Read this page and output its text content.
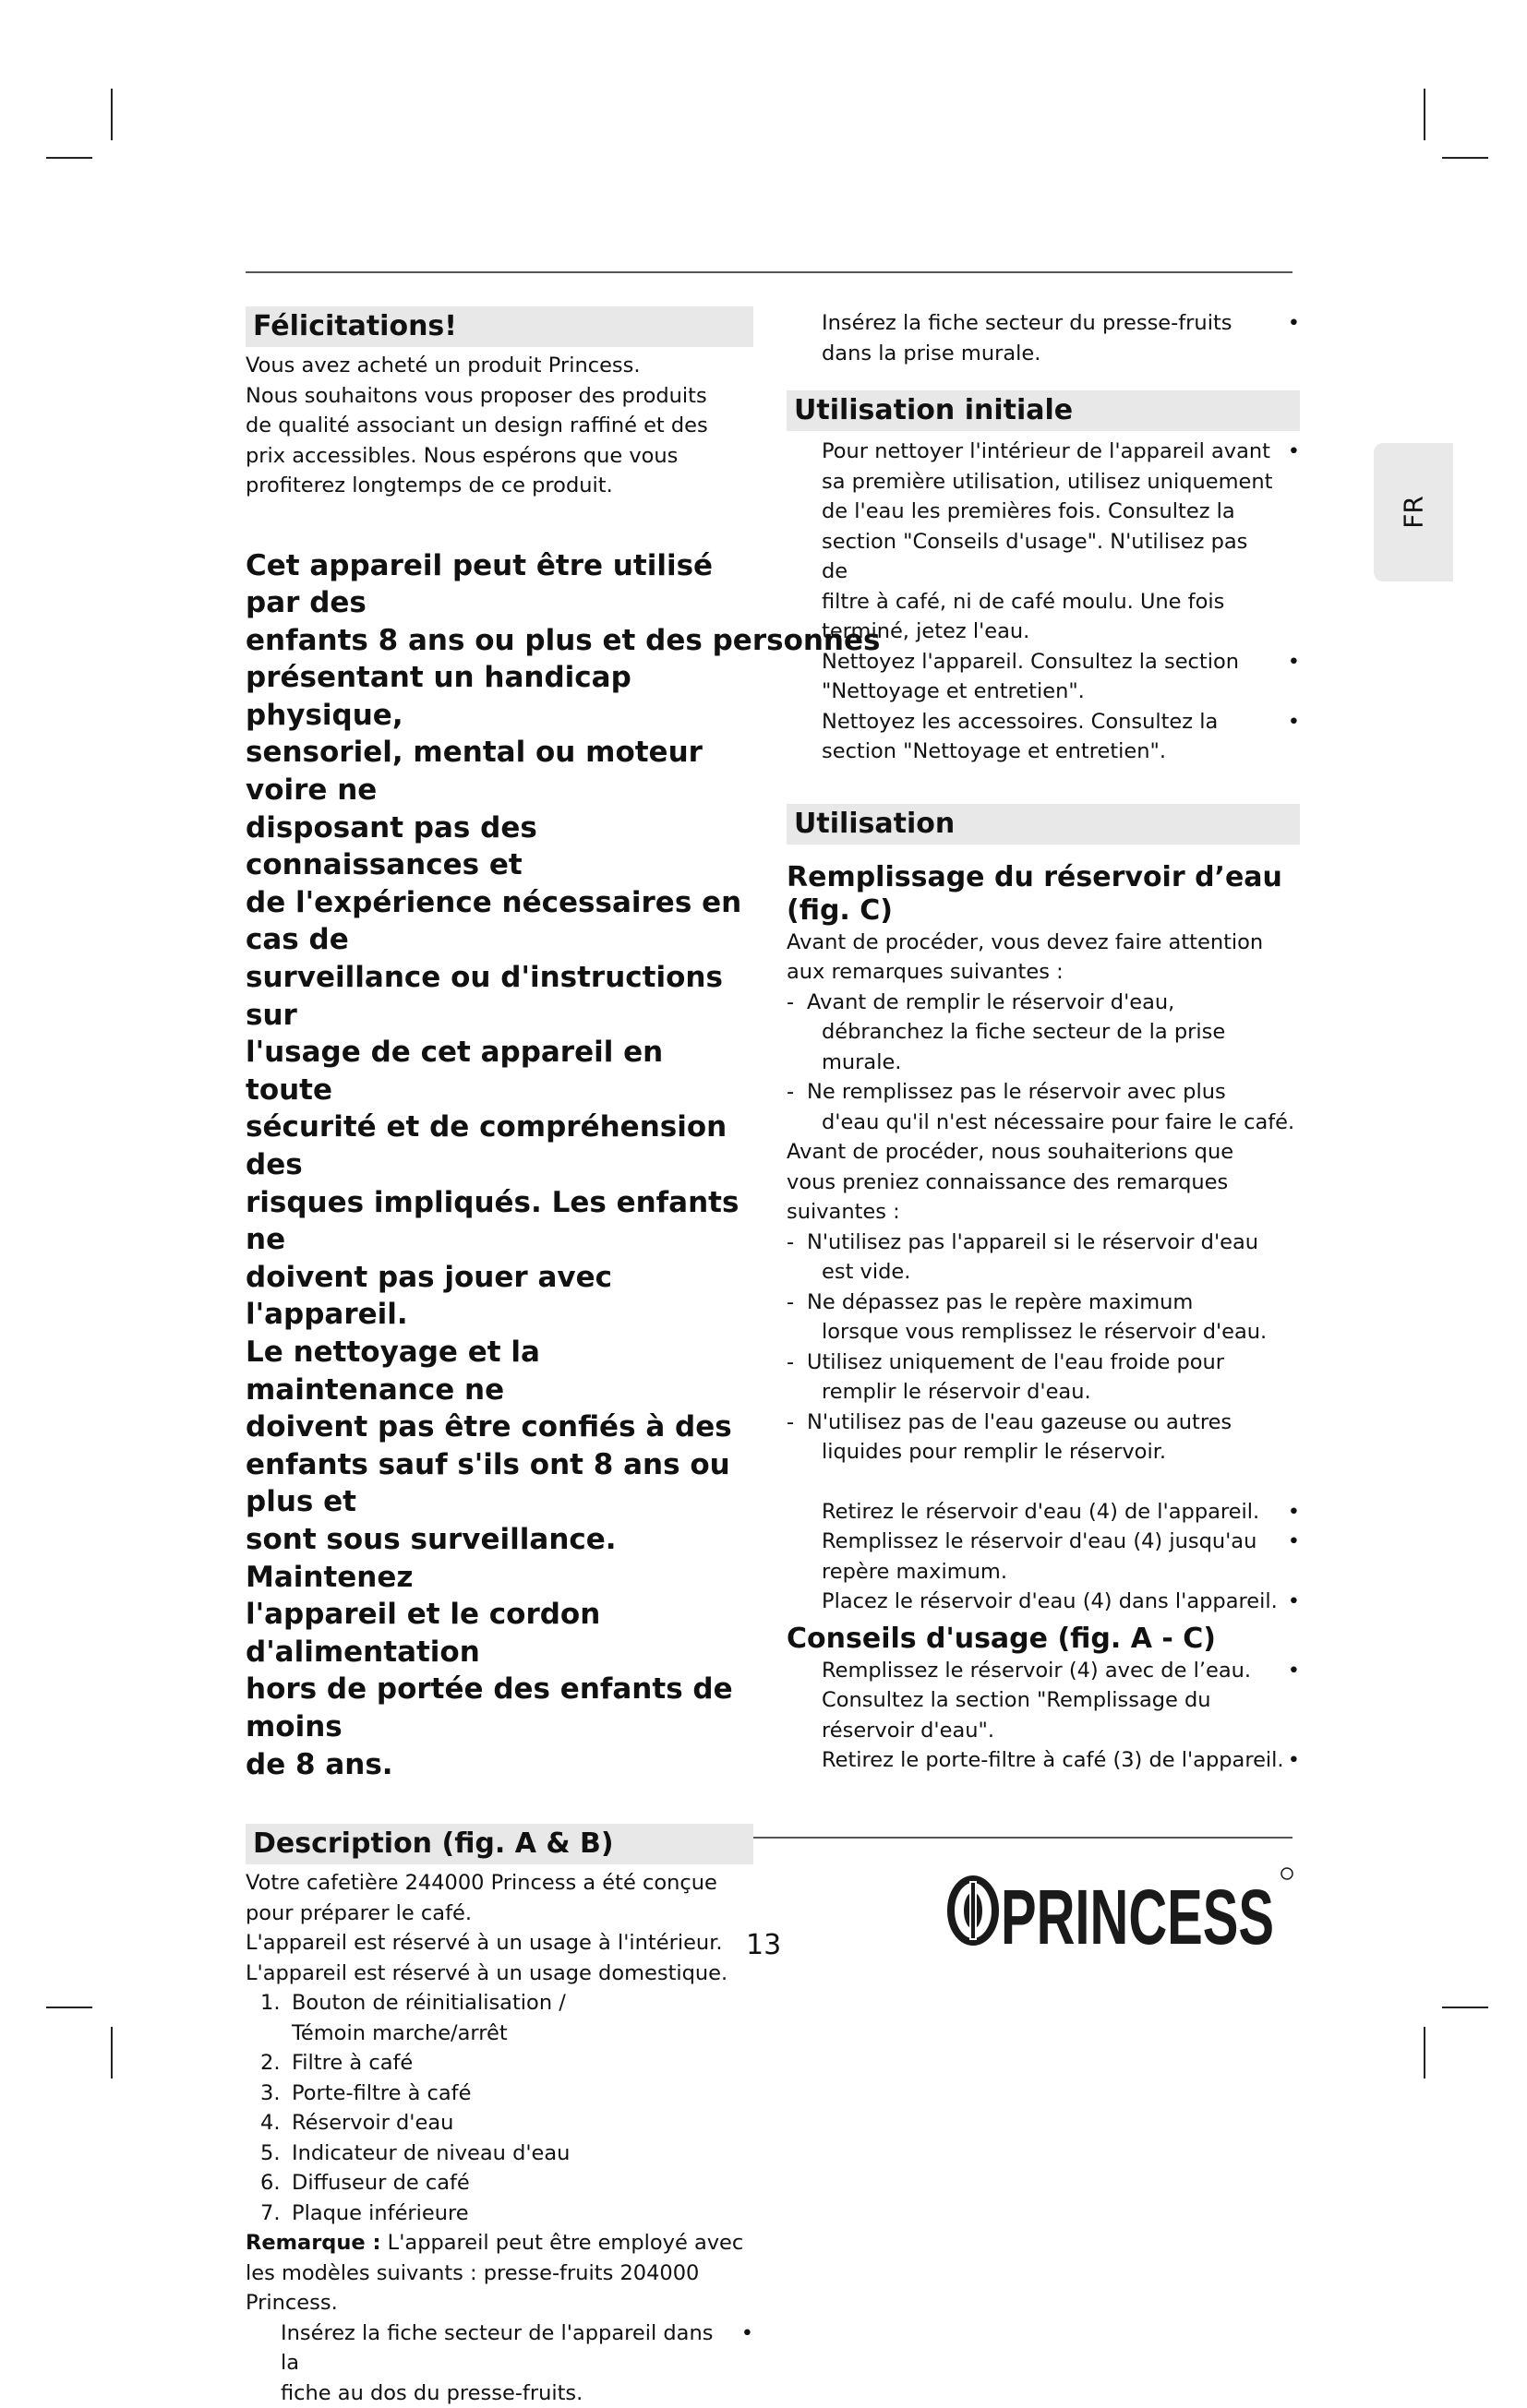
FR
Félicitations!

Vous avez acheté un produit Princess.

Nous souhaitons vous proposer des produits

de qualité associant un design raffiné et des

prix accessibles. Nous espérons que vous

profiterez longtemps de ce produit.

Cet appareil peut être utilisé par des
enfants 8 ans ou plus et des personnes
présentant un handicap physique,
sensoriel, mental ou moteur voire ne
disposant pas des connaissances et
de l'expérience nécessaires en cas de
surveillance ou d'instructions sur
l'usage de cet appareil en toute
sécurité et de compréhension des
risques impliqués. Les enfants ne
doivent pas jouer avec l'appareil.
Le nettoyage et la maintenance ne
doivent pas être confiés à des
enfants sauf s'ils ont 8 ans ou plus et
sont sous surveillance. Maintenez
l'appareil et le cordon d'alimentation
hors de portée des enfants de moins
de 8 ans.
Description (fig. A & B)

Votre cafetière 244000 Princess a été conçue

pour préparer le café.

L'appareil est réservé à un usage à l'intérieur.

L'appareil est réservé à un usage domestique.

1. Bouton de réinitialisation /
Témoin marche/arrêt
2. Filtre à café
3. Porte-filtre à café
4. Réservoir d'eau
5. Indicateur de niveau d'eau
6. Diffuseur de café
7. Plaque inférieure

Remarque : L'appareil peut être employé avec

les modèles suivants : presse-fruits 204000

Princess.

Insérez la fiche secteur de l'appareil dans la

fiche au dos du presse-fruits.

•

Insérez la fiche secteur du presse-fruits

dans la prise murale.

•
Utilisation initiale

Pour nettoyer l'intérieur de l'appareil avant

sa première utilisation, utilisez uniquement

de l'eau les premières fois. Consultez la

section "Conseils d'usage". N'utilisez pas de

filtre à café, ni de café moulu. Une fois

terminé, jetez l'eau.

•

Nettoyez l'appareil. Consultez la section

"Nettoyage et entretien".

•

Nettoyez les accessoires. Consultez la

section "Nettoyage et entretien".

•
Utilisation
Remplissage du réservoir d’eau
(fig. C)

Avant de procéder, vous devez faire attention

aux remarques suivantes :

- Avant de remplir le réservoir d'eau,
débranchez la fiche secteur de la prise
murale.
- Ne remplissez pas le réservoir avec plus
d'eau qu'il n'est nécessaire pour faire le café.

Avant de procéder, nous souhaiterions que

vous preniez connaissance des remarques

suivantes :

- N'utilisez pas l'appareil si le réservoir d'eau
est vide.
- Ne dépassez pas le repère maximum
lorsque vous remplissez le réservoir d'eau.
- Utilisez uniquement de l'eau froide pour
remplir le réservoir d'eau.
- N'utilisez pas de l'eau gazeuse ou autres
liquides pour remplir le réservoir.

Retirez le réservoir d'eau (4) de l'appareil.	•

Remplissez le réservoir d'eau (4) jusqu'au

repère maximum.

•

Placez le réservoir d'eau (4) dans l'appareil. •
Conseils d'usage (fig. A - C)

Remplissez le réservoir (4) avec de l’eau.

Consultez la section "Remplissage du

réservoir d'eau".

•

Retirez le porte-filtre à café (3) de l'appareil. •
13	PRINCESS
